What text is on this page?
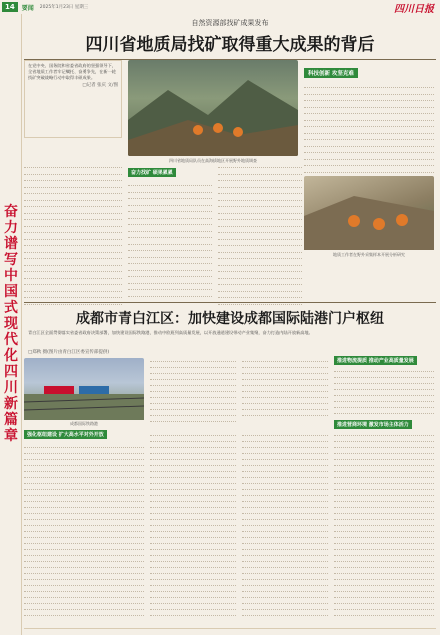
14	要闻 2025年1月23日 星期三	四川日报
奋力谱写中国式现代化四川新篇章
自然资源部找矿成果发布
四川省地质局找矿取得重大成果的背后
在党中央、国务院和省委省政府的坚强领导下，全省地质工作者牢记嘱托、奋勇争先，在新一轮找矿突破战略行动中取得丰硕成果。
□记者 张庆 文/图
四川省地质局队员在高海拔地区开展野外地质调查
科技创新 攻坚克难
奋力找矿 硕果累累
地质工作者在野外采集样本开展分析研究
成都市青白江区：加快建设成都国际陆港门户枢纽
青白江区全面贯彻落实省委省政府决策部署，加快建设国际铁路港，推动中欧班列高质量发展，以开放通道建设带动产业集聚，奋力打造内陆开放新高地。
□郑秋 摄(图片由青白江区委宣传部提供)
成都国际铁路港
推进物流提质 推动产业高质量发展
强化枢纽建设 扩大高水平对外开放
推进营商环境 激发市场主体活力
